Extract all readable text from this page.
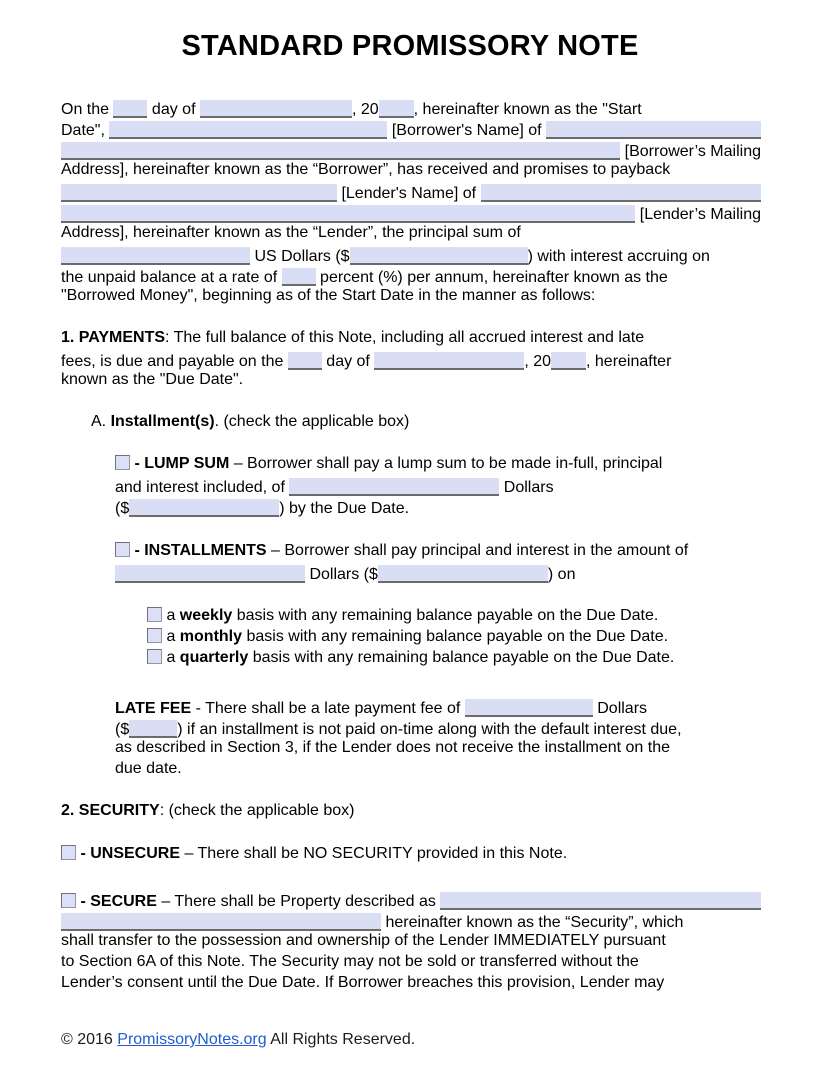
STANDARD PROMISSORY NOTE
On the day of	, 20 , hereinafter known as the "Start
Date",	[Borrower's Name] of
[Borrower’s Mailing
Address], hereinafter known as the “Borrower”, has received and promises to payback
[Lender's Name] of
[Lender’s Mailing
Address], hereinafter known as the “Lender”, the principal sum of
US Dollars ($	) with interest accruing on
the unpaid balance at a rate of percent (%) per annum, hereinafter known as the
"Borrowed Money", beginning as of the Start Date in the manner as follows:
1. PAYMENTS : The full balance of this Note, including all accrued interest and late
fees, is due and payable on the day of	, 20 , hereinafter
known as the "Due Date".
A. Installment(s) . (check the applicable box)

- LUMP SUM – Borrower shall pay a lump sum to be made in-full, principal
and interest included, of	Dollars
($	) by the Due Date.

- INSTALLMENTS – Borrower shall pay principal and interest in the amount of
Dollars ($	) on
a weekly basis with any remaining balance payable on the Due Date.
a monthly basis with any remaining balance payable on the Due Date.
a quarterly basis with any remaining balance payable on the Due Date.
LATE FEE - There shall be a late payment fee of	Dollars
($	) if an installment is not paid on-time along with the default interest due,
as described in Section 3, if the Lender does not receive the installment on the
due date.
2. SECURITY : (check the applicable box)

- UNSECURE – There shall be NO SECURITY provided in this Note.

- SECURE – There shall be Property described as
hereinafter known as the “Security”, which
shall transfer to the possession and ownership of the Lender IMMEDIATELY pursuant
to Section 6A of this Note. The Security may not be sold or transferred without the
Lender’s consent until the Due Date. If Borrower breaches this provision, Lender may
© 2016 PromissoryNotes.org All Rights Reserved.
